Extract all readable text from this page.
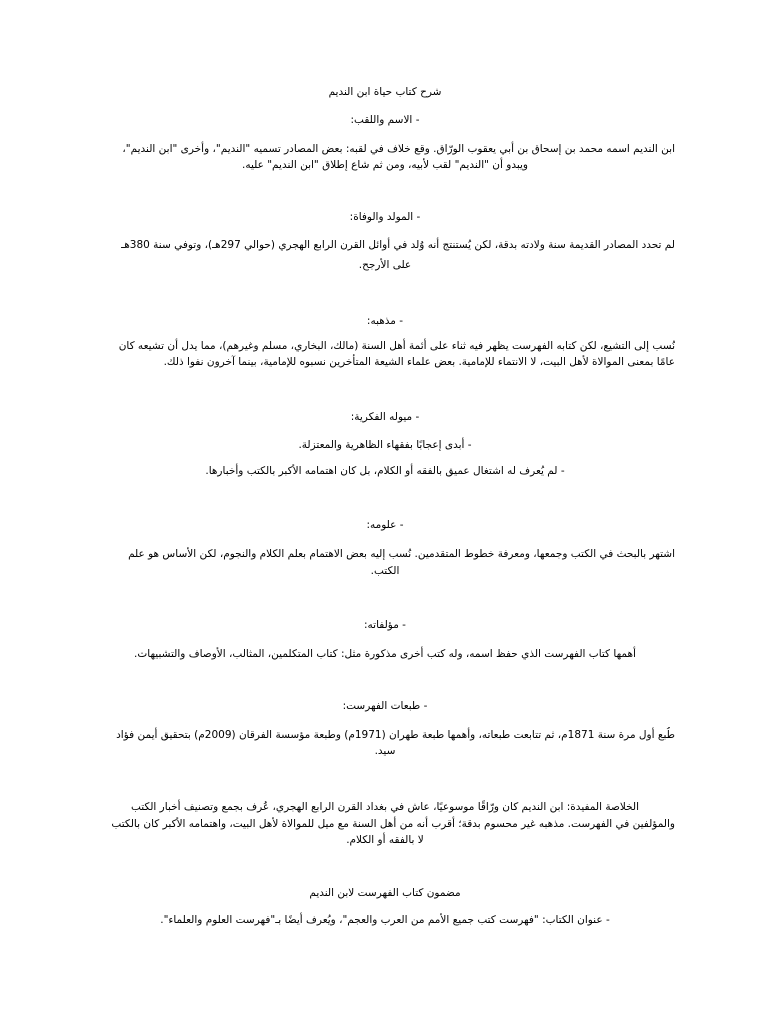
شرح كتاب حياة ابن النديم
- الاسم واللقب:
ابن النديم اسمه محمد بن إسحاق بن أبي يعقوب الورّاق. وقع خلاف في لقبه: بعض المصادر تسميه "النديم"، وأخرى "ابن النديم"،
ويبدو أن "النديم" لقب لأبيه، ومن ثم شاع إطلاق "ابن النديم" عليه.
- المولد والوفاة:
لم تحدد المصادر القديمة سنة ولادته بدقة، لكن يُستنتج أنه وُلد في أوائل القرن الرابع الهجري (حوالي 297هـ)، وتوفي سنة 380هـ
على الأرجح.
- مذهبه:
نُسب إلى التشيع، لكن كتابه الفهرست يظهر فيه ثناء على أئمة أهل السنة (مالك، البخاري، مسلم وغيرهم)، مما يدل أن تشيعه كان
عامًا بمعنى الموالاة لأهل البيت، لا الانتماء للإمامية. بعض علماء الشيعة المتأخرين نسبوه للإمامية، بينما آخرون نفوا ذلك.
- ميوله الفكرية:
- أبدى إعجابًا بفقهاء الظاهرية والمعتزلة.
- لم يُعرف له اشتغال عميق بالفقه أو الكلام، بل كان اهتمامه الأكبر بالكتب وأخبارها.
- علومه:
اشتهر بالبحث في الكتب وجمعها، ومعرفة خطوط المتقدمين. نُسب إليه بعض الاهتمام بعلم الكلام والنجوم، لكن الأساس هو علم
الكتب.
- مؤلفاته:
أهمها كتاب الفهرست الذي حفظ اسمه، وله كتب أخرى مذكورة مثل: كتاب المتكلمين، المثالب، الأوصاف والتشبيهات.
- طبعات الفهرست:
طُبع أول مرة سنة 1871م، ثم تتابعت طبعاته، وأهمها طبعة طهران (1971م) وطبعة مؤسسة الفرقان (2009م) بتحقيق أيمن فؤاد
سيد.
الخلاصة المفيدة: ابن النديم كان ورّاقًا موسوعيًا، عاش في بغداد القرن الرابع الهجري، عُرف بجمع وتصنيف أخبار الكتب
والمؤلفين في الفهرست. مذهبه غير محسوم بدقة؛ أقرب أنه من أهل السنة مع ميل للموالاة لأهل البيت، واهتمامه الأكبر كان بالكتب
لا بالفقه أو الكلام.
مضمون كتاب الفهرست لابن النديم
- عنوان الكتاب: "فهرست كتب جميع الأمم من العرب والعجم"، ويُعرف أيضًا بـ"فهرست العلوم والعلماء".
